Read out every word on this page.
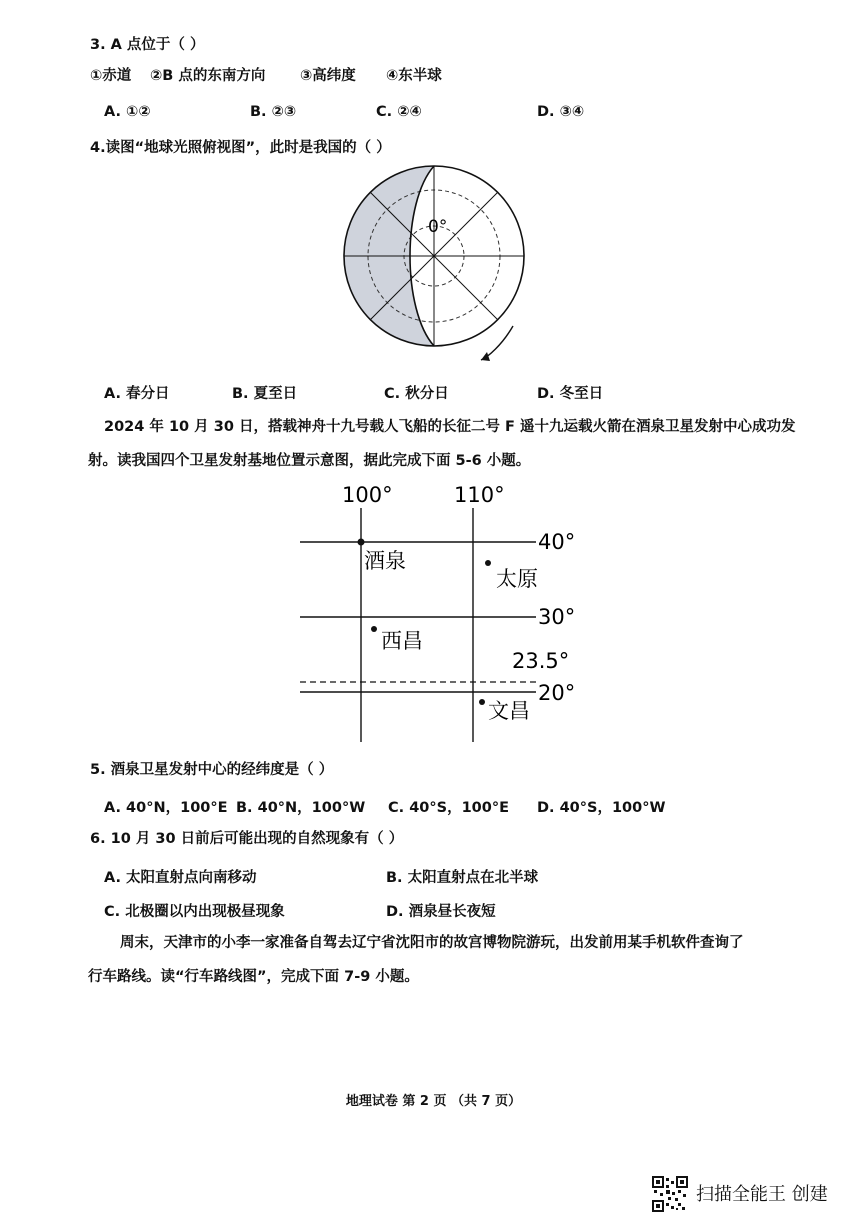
3. A 点位于（ ）
①赤道 ②B 点的东南方向 ③高纬度 ④东半球
A. ①②	B. ②③	C. ②④	D. ③④
4.读图“地球光照俯视图”，此时是我国的（ ）
0°
A. 春分日	B. 夏至日	C. 秋分日	D. 冬至日
2024 年 10 月 30 日，搭载神舟十九号载人飞船的长征二号 F 遥十九运载火箭在酒泉卫星发射中心成功发
射。读我国四个卫星发射基地位置示意图，据此完成下面 5-6 小题。
100°	110°
40°
30°
23.5°
20°
酒泉
太原
西昌
文昌
5. 酒泉卫星发射中心的经纬度是（ ）
A. 40°N，100°E B. 40°N，100°W C. 40°S，100°E D. 40°S，100°W
6. 10 月 30 日前后可能出现的自然现象有（ ）
A. 太阳直射点向南移动	B. 太阳直射点在北半球
C. 北极圈以内出现极昼现象	D. 酒泉昼长夜短
周末，天津市的小李一家准备自驾去辽宁省沈阳市的故宫博物院游玩，出发前用某手机软件查询了
行车路线。读“行车路线图”，完成下面 7-9 小题。
地理试卷 第 2 页 （共 7 页）
扫描全能王 创建
